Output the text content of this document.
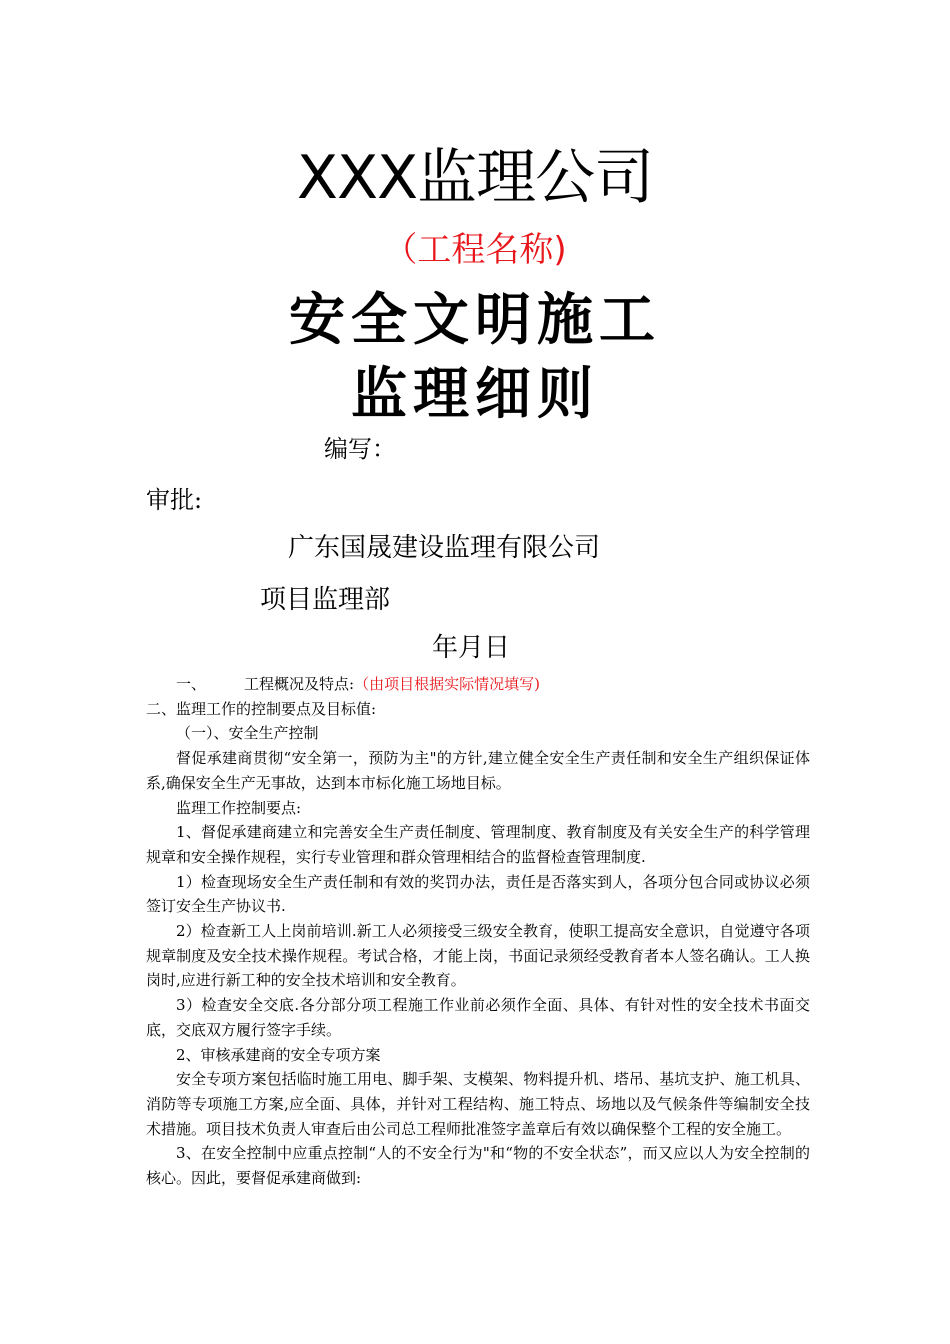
XXX监理公司
（工程名称)
安全文明施工
监理细则
编写：
审批:
广东国晟建设监理有限公司
项目监理部
年月日

一、	工程概况及特点:（由项目根据实际情况填写)

二、监理工作的控制要点及目标值:

（一）、安全生产控制

督促承建商贯彻“安全第一，预防为主"的方针,建立健全安全生产责任制和安全生产组织保证体系,确保安全生产无事故，达到本市标化施工场地目标。

监理工作控制要点:

1、督促承建商建立和完善安全生产责任制度、管理制度、教育制度及有关安全生产的科学管理规章和安全操作规程，实行专业管理和群众管理相结合的监督检查管理制度.

1）检查现场安全生产责任制和有效的奖罚办法，责任是否落实到人，各项分包合同或协议必须签订安全生产协议书.

2）检查新工人上岗前培训.新工人必须接受三级安全教育，使职工提高安全意识，自觉遵守各项规章制度及安全技术操作规程。考试合格，才能上岗，书面记录须经受教育者本人签名确认。工人换岗时,应进行新工种的安全技术培训和安全教育。

3）检查安全交底.各分部分项工程施工作业前必须作全面、具体、有针对性的安全技术书面交底，交底双方履行签字手续。

2、审核承建商的安全专项方案

安全专项方案包括临时施工用电、脚手架、支模架、物料提升机、塔吊、基坑支护、施工机具、消防等专项施工方案,应全面、具体，并针对工程结构、施工特点、场地以及气候条件等编制安全技术措施。项目技术负责人审查后由公司总工程师批准签字盖章后有效以确保整个工程的安全施工。

3、在安全控制中应重点控制“人的不安全行为"和“物的不安全状态”，而又应以人为安全控制的核心。因此，要督促承建商做到:
